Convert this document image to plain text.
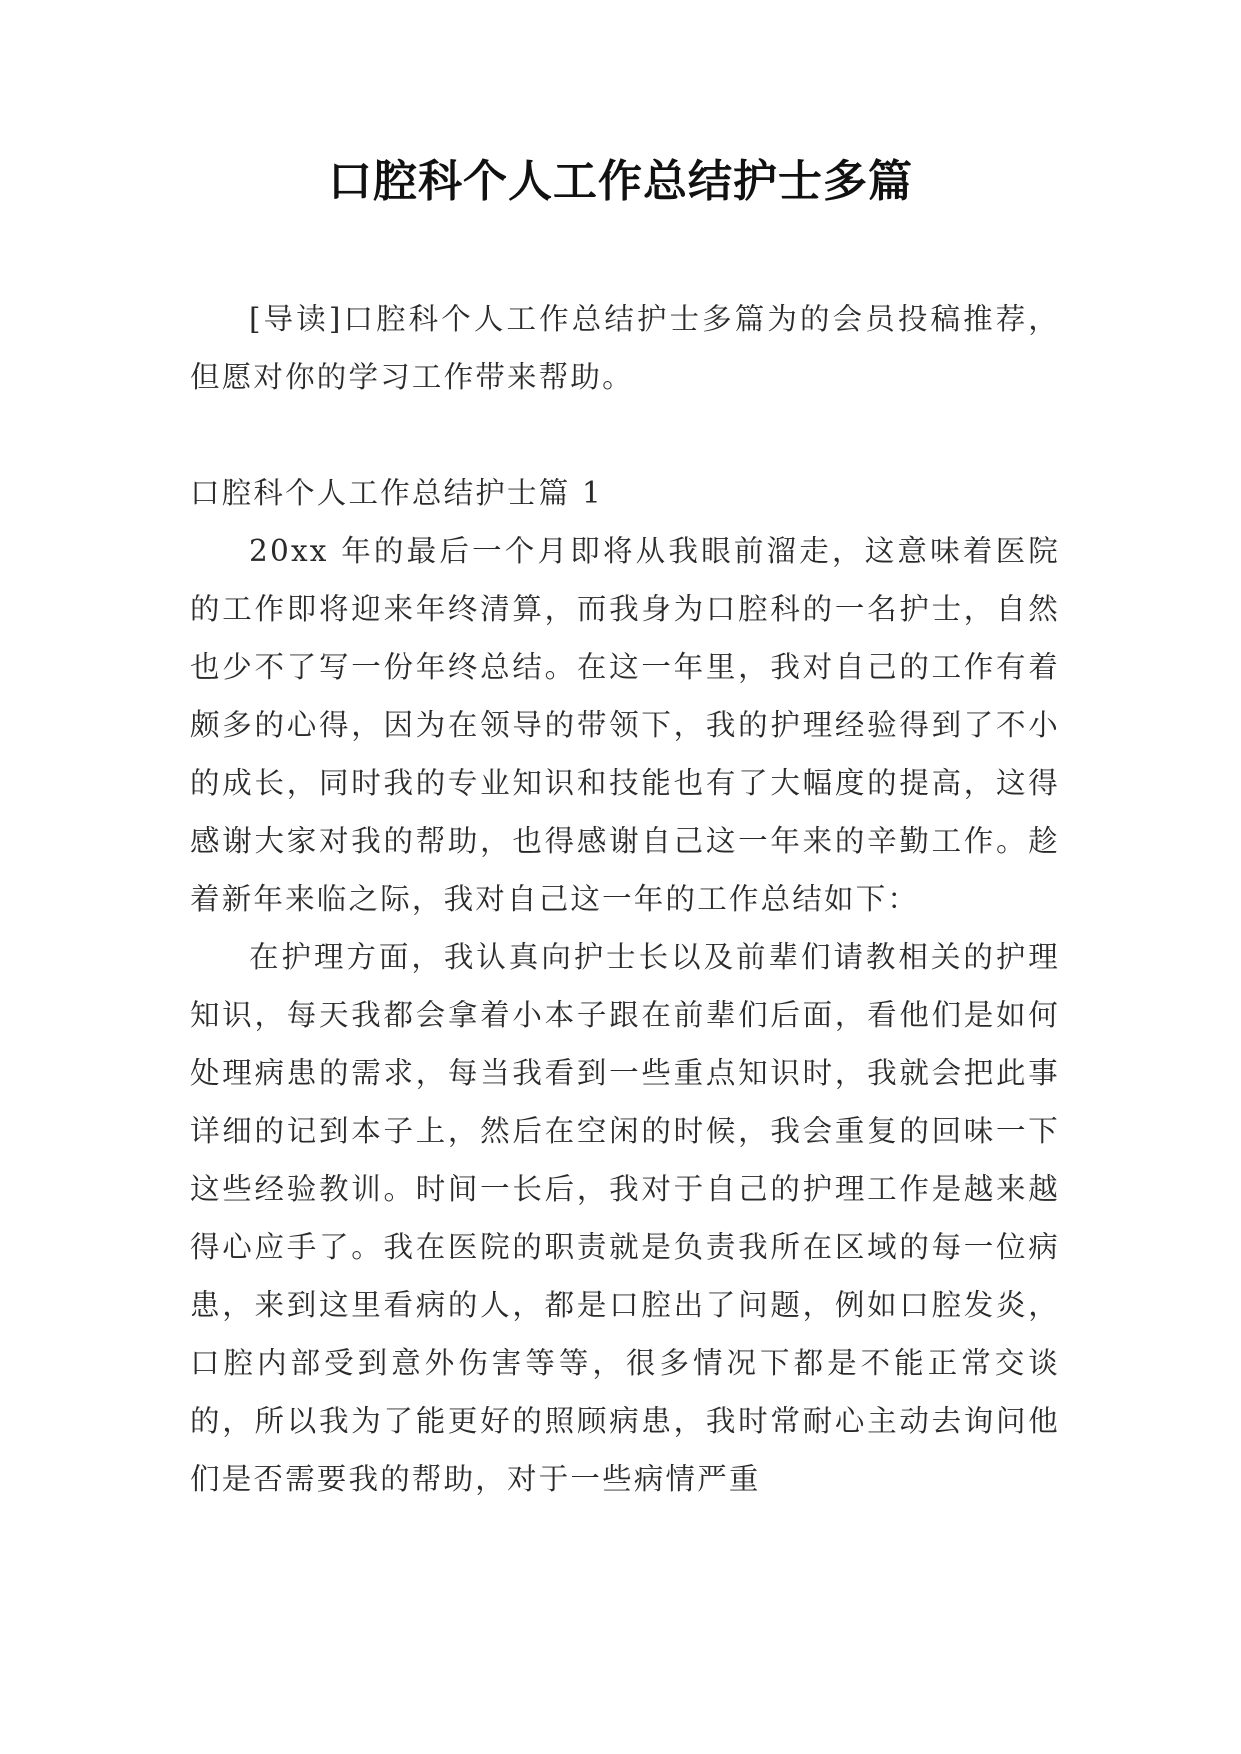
口腔科个人工作总结护士多篇

[导读]口腔科个人工作总结护士多篇为的会员投稿推荐，但愿对你的学习工作带来帮助。

口腔科个人工作总结护士篇 1

20xx 年的最后一个月即将从我眼前溜走，这意味着医院的工作即将迎来年终清算，而我身为口腔科的一名护士，自然也少不了写一份年终总结。在这一年里，我对自己的工作有着颇多的心得，因为在领导的带领下，我的护理经验得到了不小的成长，同时我的专业知识和技能也有了大幅度的提高，这得感谢大家对我的帮助，也得感谢自己这一年来的辛勤工作。趁着新年来临之际，我对自己这一年的工作总结如下：

在护理方面，我认真向护士长以及前辈们请教相关的护理知识，每天我都会拿着小本子跟在前辈们后面，看他们是如何处理病患的需求，每当我看到一些重点知识时，我就会把此事详细的记到本子上，然后在空闲的时候，我会重复的回味一下这些经验教训。时间一长后，我对于自己的护理工作是越来越得心应手了。我在医院的职责就是负责我所在区域的每一位病患，来到这里看病的人，都是口腔出了问题，例如口腔发炎，口腔内部受到意外伤害等等，很多情况下都是不能正常交谈的，所以我为了能更好的照顾病患，我时常耐心主动去询问他们是否需要我的帮助，对于一些病情严重
